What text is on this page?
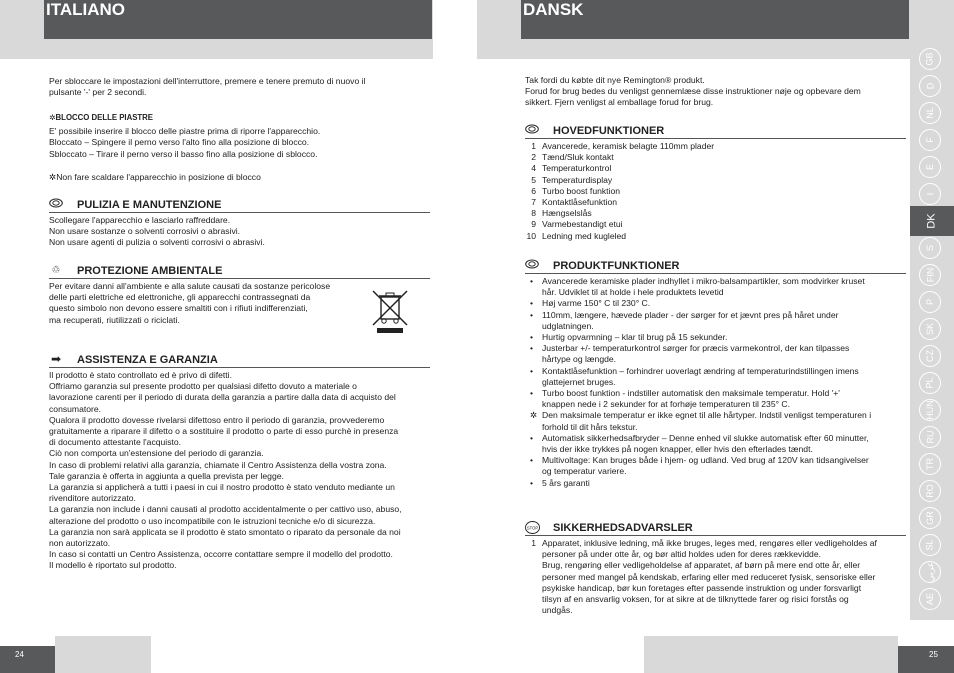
ITALIANO	DANSK

Per sbloccare le impostazioni dell'interruttore, premere e tenere premuto di nuovo il

pulsante '-' per 2 secondi.

✲BLOCCO DELLE PIASTRE

E' possibile inserire il blocco delle piastre prima di riporre l'apparecchio.

Bloccato – Spingere il perno verso l'alto fino alla posizione di blocco.

Sbloccato – Tirare il perno verso il basso fino alla posizione di sblocco.

✲Non fare scaldare l'apparecchio in posizione di blocco

PULIZIA E MANUTENZIONE

Scollegare l'apparecchio e lasciarlo raffreddare.

Non usare sostanze o solventi corrosivi o abrasivi.

Non usare agenti di pulizia o solventi corrosivi o abrasivi.

♲ PROTEZIONE AMBIENTALE

Per evitare danni all'ambiente e alla salute causati da sostanze pericolose

delle parti elettriche ed elettroniche, gli apparecchi contrassegnati da

questo simbolo non devono essere smaltiti con i rifiuti indifferenziati,

ma recuperati, riutilizzati o riciclati.

➡ ASSISTENZA E GARANZIA

Il prodotto è stato controllato ed è privo di difetti.

Offriamo garanzia sul presente prodotto per qualsiasi difetto dovuto a materiale o

lavorazione carenti per il periodo di durata della garanzia a partire dalla data di acquisto del

consumatore.

Qualora il prodotto dovesse rivelarsi difettoso entro il periodo di garanzia, provvederemo

gratuitamente a riparare il difetto o a sostituire il prodotto o parte di esso purchè in presenza

di documento attestante l'acquisto.

Ciò non comporta un'estensione del periodo di garanzia.

In caso di problemi relativi alla garanzia, chiamate il Centro Assistenza della vostra zona.

Tale garanzia è offerta in aggiunta a quella prevista per legge.

La garanzia si applicherà a tutti i paesi in cui il nostro prodotto è stato venduto mediante un

rivenditore autorizzato.

La garanzia non include i danni causati al prodotto accidentalmente o per cattivo uso, abuso,

alterazione del prodotto o uso incompatibile con le istruzioni tecniche e/o di sicurezza.

La garanzia non sarà applicata se il prodotto è stato smontato o riparato da personale da noi

non autorizzato.

In caso si contatti un Centro Assistenza, occorre contattare sempre il modello del prodotto.

Il modello è riportato sul prodotto.

Tak fordi du købte dit nye Remington® produkt.

Forud for brug bedes du venligst gennemlæse disse instruktioner nøje og opbevare dem

sikkert. Fjern venligst al emballage forud for brug.

HOVEDFUNKTIONER
1 Avancerede, keramisk belagte 110mm plader
2 Tænd/Sluk kontakt
4 Temperaturkontrol
5 Temperaturdisplay
6 Turbo boost funktion
7 Kontaktlåsefunktion
8 Hængselslås
9 Varmebestandigt etui
10 Ledning med kugleled
PRODUKTFUNKTIONER
• Avancerede keramiske plader indhyllet i mikro-balsampartikler, som modvirker kruset
hår. Udviklet til at holde i hele produktets levetid
• Høj varme 150° C til 230° C.
• 110mm, længere, hævede plader - der sørger for et jævnt pres på håret under
udglatningen.
• Hurtig opvarmning – klar til brug på 15 sekunder.
• Justerbar +/- temperaturkontrol sørger for præcis varmekontrol, der kan tilpasses
hårtype og længde.
• Kontaktlåsefunktion – forhindrer uoverlagt ændring af temperaturindstillingen imens
glattejernet bruges.
• Turbo boost funktion - indstiller automatisk den maksimale temperatur. Hold '+'
knappen nede i 2 sekunder for at forhøje temperaturen til 235° C.
✲ Den maksimale temperatur er ikke egnet til alle hårtyper. Indstil venligst temperaturen i
forhold til dit hårs tekstur.
• Automatisk sikkerhedsafbryder – Denne enhed vil slukke automatisk efter 60 minutter,
hvis der ikke trykkes på nogen knapper, eller hvis den efterlades tændt.
• Multivoltage: Kan bruges både i hjem- og udland. Ved brug af 120V kan tidsangivelser
og temperatur variere.
• 5 års garanti
STOP SIKKERHEDSADVARSLER
1 Apparatet, inklusive ledning, må ikke bruges, leges med, rengøres eller vedligeholdes af
personer på under otte år, og bør altid holdes uden for deres rækkevidde.

Brug, rengøring eller vedligeholdelse af apparatet, af børn på mere end otte år, eller

personer med mangel på kendskab, erfaring eller med reduceret fysisk, sensoriske eller

psykiske handicap, bør kun foretages efter passende instruktion og under forsvarligt

tilsyn af en ansvarlig voksen, for at sikre at de tilknyttede farer og risici forstås og

undgås.

GB
D
NL
F
E
I
DK
S
FIN
P
SK
CZ
PL
HUN
RU
TR
RO
GR
SL
عربي
AE
24	25
